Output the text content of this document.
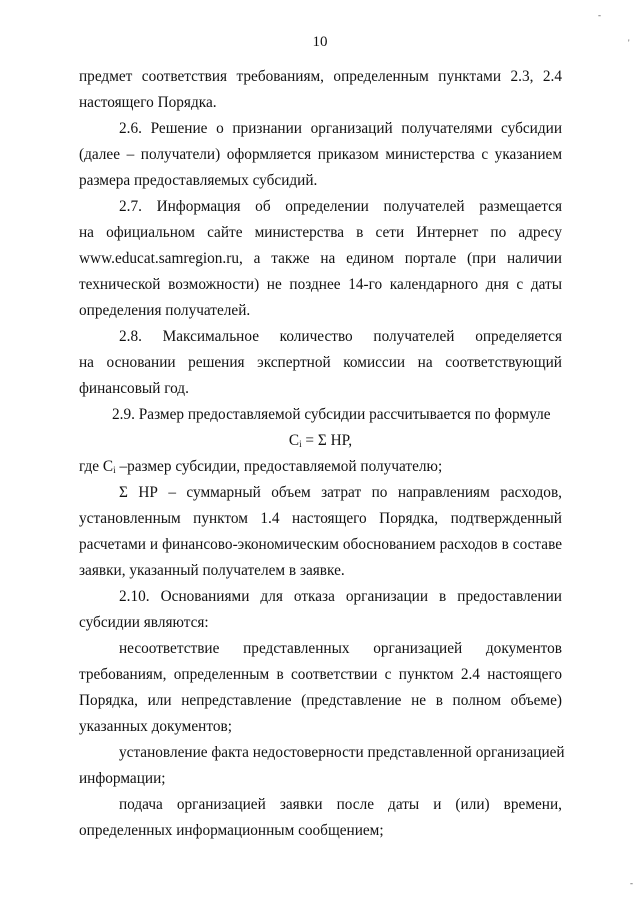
-
'
-
10
предмет соответствия требованиям, определенным пунктами 2.3, 2.4
настоящего Порядка.
2.6. Решение о признании организаций получателями субсидии
(далее – получатели) оформляется приказом министерства с указанием
размера предоставляемых субсидий.
2.7. Информация об определении получателей размещается
на официальном сайте министерства в сети Интернет по адресу
www.educat.samregion.ru, а также на едином портале (при наличии
технической возможности) не позднее 14-го календарного дня с даты
определения получателей.
2.8. Максимальное количество получателей определяется
на основании решения экспертной комиссии на соответствующий
финансовый год.
2.9. Размер предоставляемой субсидии рассчитывается по формуле
$C_i = \Sigma$ НР,
где $C_i$ –размер субсидии, предоставляемой получателю;
Σ НР – суммарный объем затрат по направлениям расходов,
установленным пунктом 1.4 настоящего Порядка, подтвержденный
расчетами и финансово-экономическим обоснованием расходов в составе
заявки, указанный получателем в заявке.
2.10. Основаниями для отказа организации в предоставлении
субсидии являются:
несоответствие представленных организацией документов
требованиям, определенным в соответствии с пунктом 2.4 настоящего
Порядка, или непредставление (представление не в полном объеме)
указанных документов;
установление факта недостоверности представленной организацией
информации;
подача организацией заявки после даты и (или) времени,
определенных информационным сообщением;
